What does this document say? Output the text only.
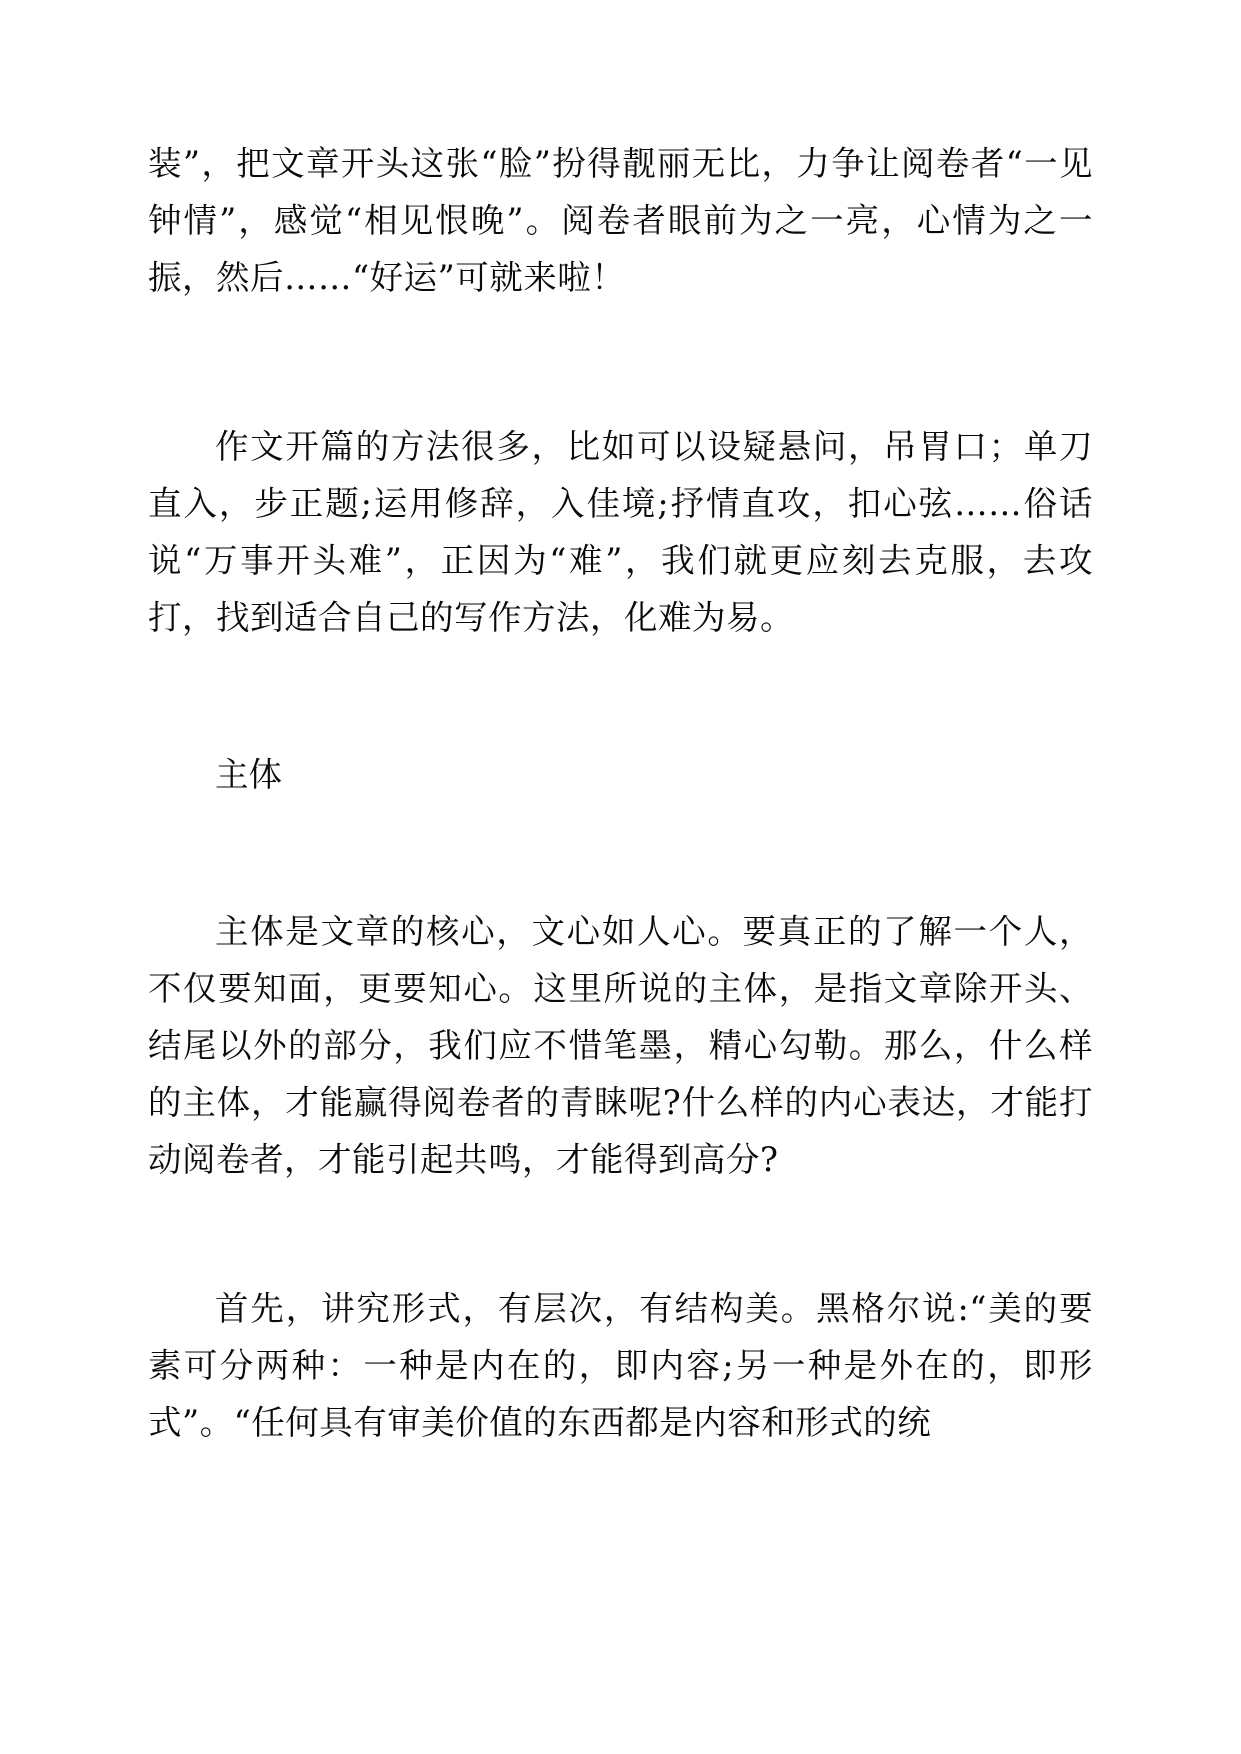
装”，把文章开头这张“脸”扮得靓丽无比，力争让阅卷者“一见钟情”，感觉“相见恨晚”。阅卷者眼前为之一亮，心情为之一振，然后……“好运”可就来啦！

作文开篇的方法很多，比如可以设疑悬问，吊胃口；单刀直入，步正题;运用修辞，入佳境;抒情直攻，扣心弦……俗话说“万事开头难”，正因为“难”，我们就更应刻去克服，去攻打，找到适合自己的写作方法，化难为易。

主体

主体是文章的核心，文心如人心。要真正的了解一个人，不仅要知面，更要知心。这里所说的主体，是指文章除开头、结尾以外的部分，我们应不惜笔墨，精心勾勒。那么，什么样的主体，才能赢得阅卷者的青睐呢?什么样的内心表达，才能打动阅卷者，才能引起共鸣，才能得到高分?

首先，讲究形式，有层次，有结构美。黑格尔说:“美的要素可分两种：一种是内在的，即内容;另一种是外在的，即形式”。“任何具有审美价值的东西都是内容和形式的统
